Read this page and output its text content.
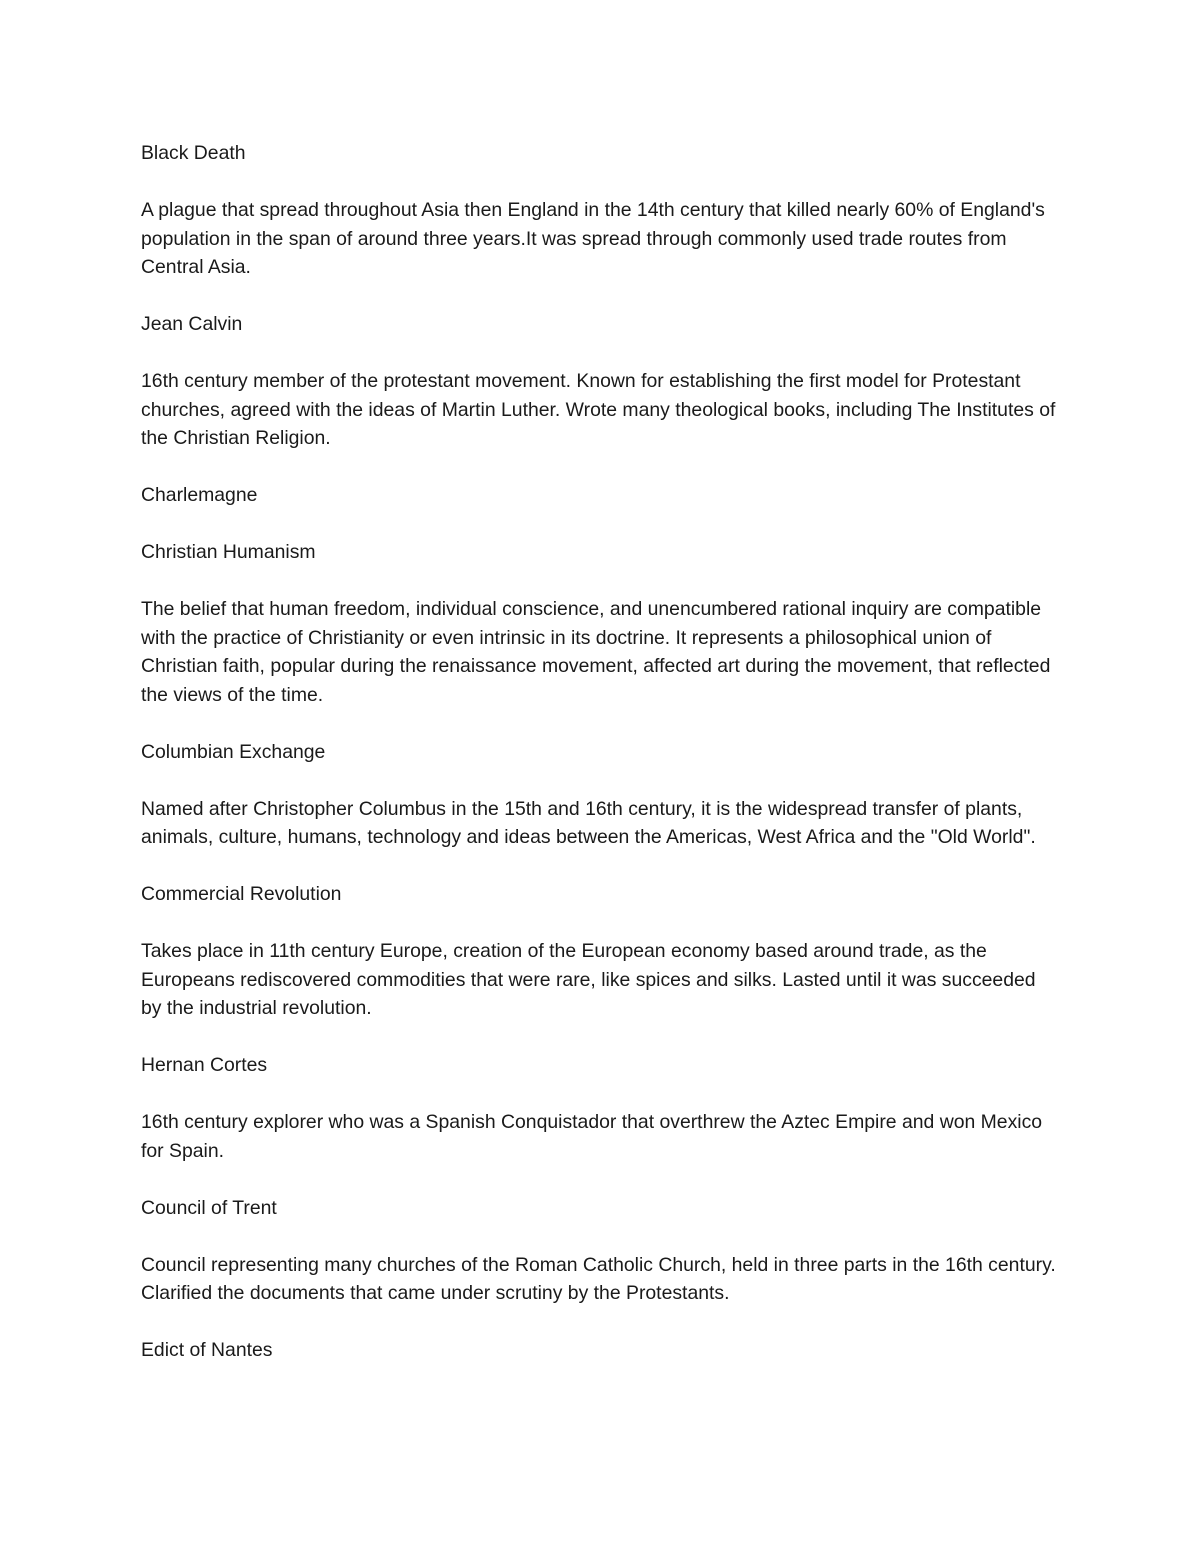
Black Death

A plague that spread throughout Asia then England in the 14th century that killed nearly 60% of England's population in the span of around three years.It was spread through commonly used trade routes from Central Asia.

Jean Calvin

16th century member of the protestant movement. Known for establishing the first model for Protestant churches, agreed with the ideas of Martin Luther. Wrote many theological books, including The Institutes of the Christian Religion.

Charlemagne

Christian Humanism

The belief that human freedom, individual conscience, and unencumbered rational inquiry are compatible with the practice of Christianity or even intrinsic in its doctrine. It represents a philosophical union of Christian faith, popular during the renaissance movement, affected art during the movement, that reflected the views of the time.

Columbian Exchange

Named after Christopher Columbus in the 15th and 16th century, it is the widespread transfer of plants, animals, culture, humans, technology and ideas between the Americas, West Africa and the "Old World".

Commercial Revolution

Takes place in 11th century Europe, creation of the European economy based around trade, as the Europeans rediscovered commodities that were rare, like spices and silks. Lasted until it was succeeded by the industrial revolution.

Hernan Cortes

16th century explorer who was a Spanish Conquistador that overthrew the Aztec Empire and won Mexico for Spain.

Council of Trent

Council representing many churches of the Roman Catholic Church, held in three parts in the 16th century. Clarified the documents that came under scrutiny by the Protestants.

Edict of Nantes
